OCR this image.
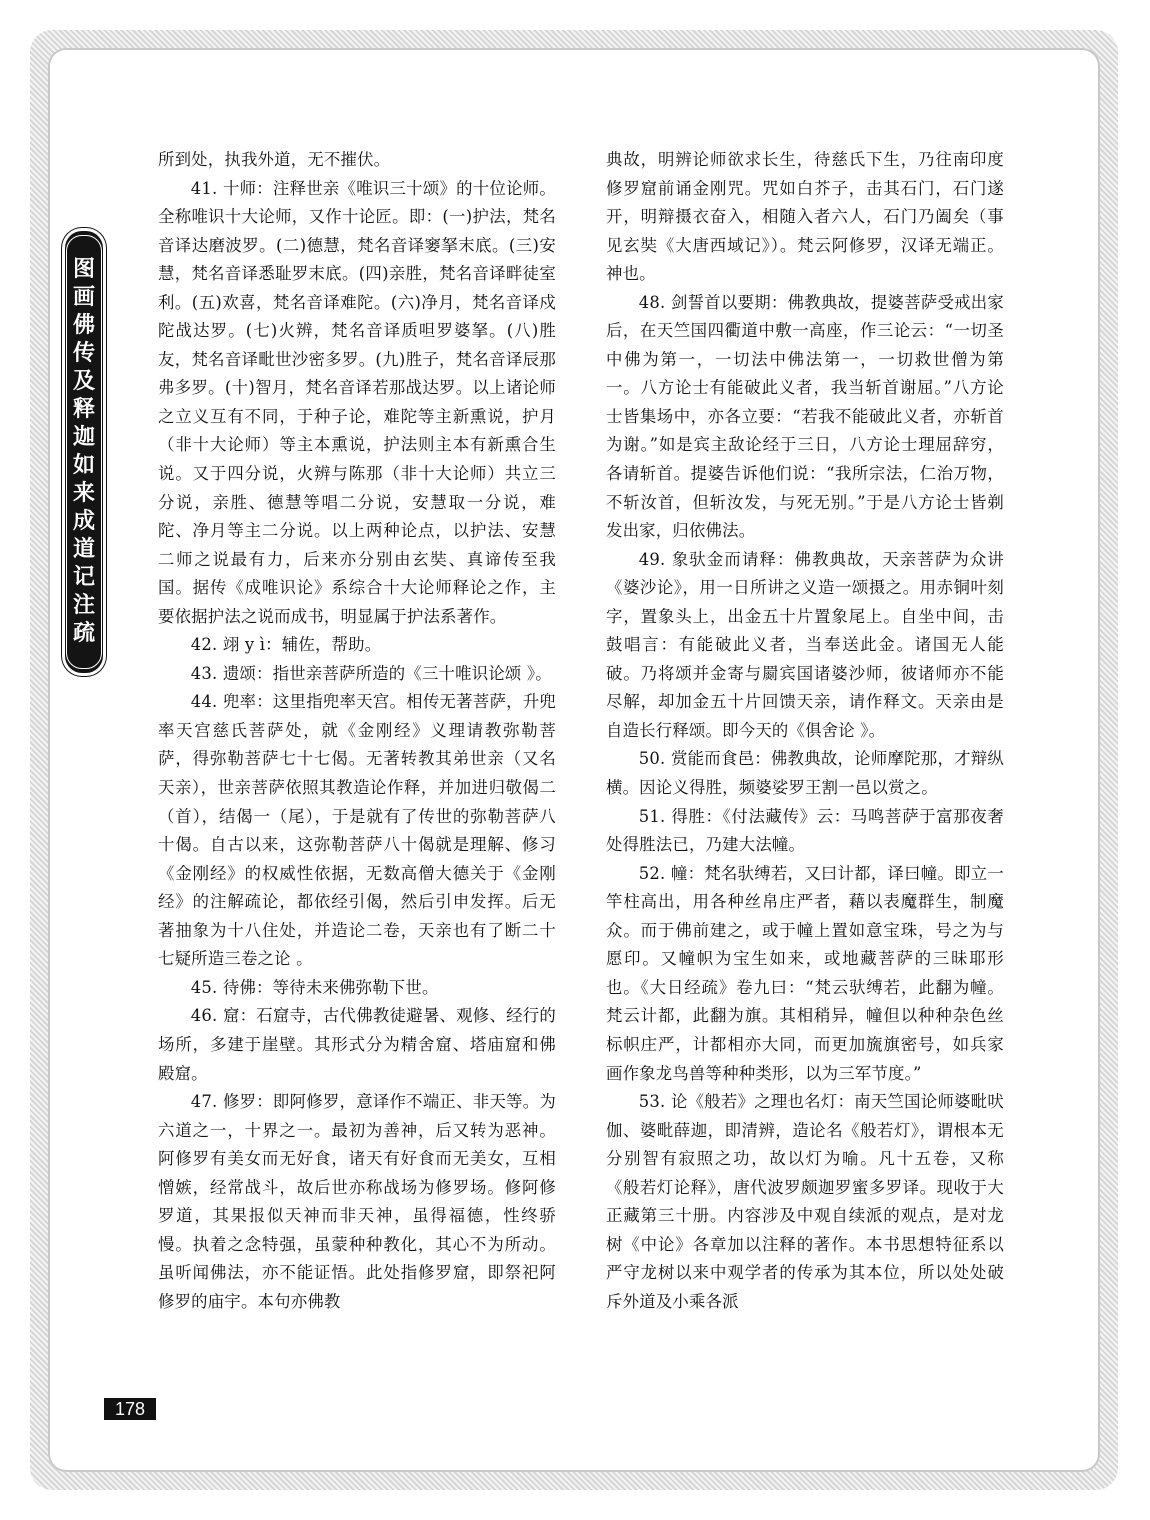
图
画
佛
传
及
释
迦
如
来
成
道
记
注
疏

所到处，执我外道，无不摧伏。

41. 十师：注释世亲《唯识三十颂》的十位论师。全称唯识十大论师，又作十论匠。即：(一)护法，梵名音译达磨波罗。(二)德慧，梵名音译窭拏末底。(三)安慧，梵名音译悉耻罗末底。(四)亲胜，梵名音译畔徒室利。(五)欢喜，梵名音译难陀。(六)净月，梵名音译戍陀战达罗。(七)火辨，梵名音译质呾罗婆拏。(八)胜友，梵名音译毗世沙密多罗。(九)胜子，梵名音译辰那弗多罗。(十)智月，梵名音译若那战达罗。以上诸论师之立义互有不同，于种子论，难陀等主新熏说，护月（非十大论师）等主本熏说，护法则主本有新熏合生说。又于四分说，火辨与陈那（非十大论师）共立三分说，亲胜、德慧等唱二分说，安慧取一分说，难陀、净月等主二分说。以上两种论点，以护法、安慧二师之说最有力，后来亦分别由玄奘、真谛传至我国。据传《成唯识论》系综合十大论师释论之作，主要依据护法之说而成书，明显属于护法系著作。

42. 翊 y ì：辅佐，帮助。

43. 遗颂：指世亲菩萨所造的《三十唯识论颂 》。

44. 兜率：这里指兜率天宫。相传无著菩萨，升兜率天宫慈氏菩萨处，就《金刚经》义理请教弥勒菩萨，得弥勒菩萨七十七偈。无著转教其弟世亲（又名天亲），世亲菩萨依照其教造论作释，并加进归敬偈二（首），结偈一（尾），于是就有了传世的弥勒菩萨八十偈。自古以来，这弥勒菩萨八十偈就是理解、修习《金刚经》的权威性依据，无数高僧大德关于《金刚经》的注解疏论，都依经引偈，然后引申发挥。后无著抽象为十八住处，并造论二卷，天亲也有了断二十七疑所造三卷之论 。

45. 待佛：等待未来佛弥勒下世。

46. 窟：石窟寺，古代佛教徒避暑、观修、经行的场所，多建于崖壁。其形式分为精舍窟、塔庙窟和佛殿窟。

47. 修罗：即阿修罗，意译作不端正、非天等。为六道之一，十界之一。最初为善神，后又转为恶神。阿修罗有美女而无好食，诸天有好食而无美女，互相憎嫉，经常战斗，故后世亦称战场为修罗场。修阿修罗道，其果报似天神而非天神，虽得福德，性终骄慢。执着之念特强，虽蒙种种教化，其心不为所动。虽听闻佛法，亦不能证悟。此处指修罗窟，即祭祀阿修罗的庙宇。本句亦佛教

典故，明辨论师欲求长生，待慈氏下生，乃往南印度修罗窟前诵金刚咒。咒如白芥子，击其石门，石门遂开，明辩摄衣奋入，相随入者六人，石门乃阖矣（事见玄奘《大唐西域记》）。梵云阿修罗，汉译无端正。神也。

48. 剑誓首以要期：佛教典故，提婆菩萨受戒出家后，在天竺国四衢道中敷一高座，作三论云：“一切圣中佛为第一，一切法中佛法第一，一切救世僧为第一。八方论士有能破此义者，我当斩首谢屈。”八方论士皆集场中，亦各立要：“若我不能破此义者，亦斩首为谢。”如是宾主敌论经于三日，八方论士理屈辞穷，各请斩首。提婆告诉他们说：“我所宗法，仁治万物，不斩汝首，但斩汝发，与死无别。”于是八方论士皆剃发出家，归依佛法。

49. 象驮金而请释：佛教典故，天亲菩萨为众讲《婆沙论》，用一日所讲之义造一颂摄之。用赤铜叶刻字，置象头上，出金五十片置象尾上。自坐中间，击鼓唱言：有能破此义者，当奉送此金。诸国无人能破。乃将颂并金寄与罽宾国诸婆沙师，彼诸师亦不能尽解，却加金五十片回馈天亲，请作释文。天亲由是自造长行释颂。即今天的《俱舍论 》。

50. 赏能而食邑：佛教典故，论师摩陀那，才辩纵横。因论义得胜，频婆娑罗王割一邑以赏之。

51. 得胜：《付法藏传》云：马鸣菩萨于富那夜奢处得胜法已，乃建大法幢。

52. 幢：梵名驮缚若，又曰计都，译曰幢。即立一竿柱高出，用各种丝帛庄严者，藉以表魔群生，制魔众。而于佛前建之，或于幢上置如意宝珠，号之为与愿印。又幢帜为宝生如来，或地藏菩萨的三昧耶形也。《大日经疏》卷九曰：“梵云驮缚若，此翻为幢。梵云计都，此翻为旗。其相稍异，幢但以种种杂色丝标帜庄严，计都相亦大同，而更加旒旗密号，如兵家画作象龙鸟兽等种种类形，以为三军节度。”

53. 论《般若》之理也名灯：南天竺国论师婆毗吠伽、婆毗薛迦，即清辨，造论名《般若灯》，谓根本无分别智有寂照之功，故以灯为喻。凡十五卷，又称《般若灯论释》，唐代波罗颇迦罗蜜多罗译。现收于大正藏第三十册。内容涉及中观自续派的观点，是对龙树《中论》各章加以注释的著作。本书思想特征系以严守龙树以来中观学者的传承为其本位，所以处处破斥外道及小乘各派

178
